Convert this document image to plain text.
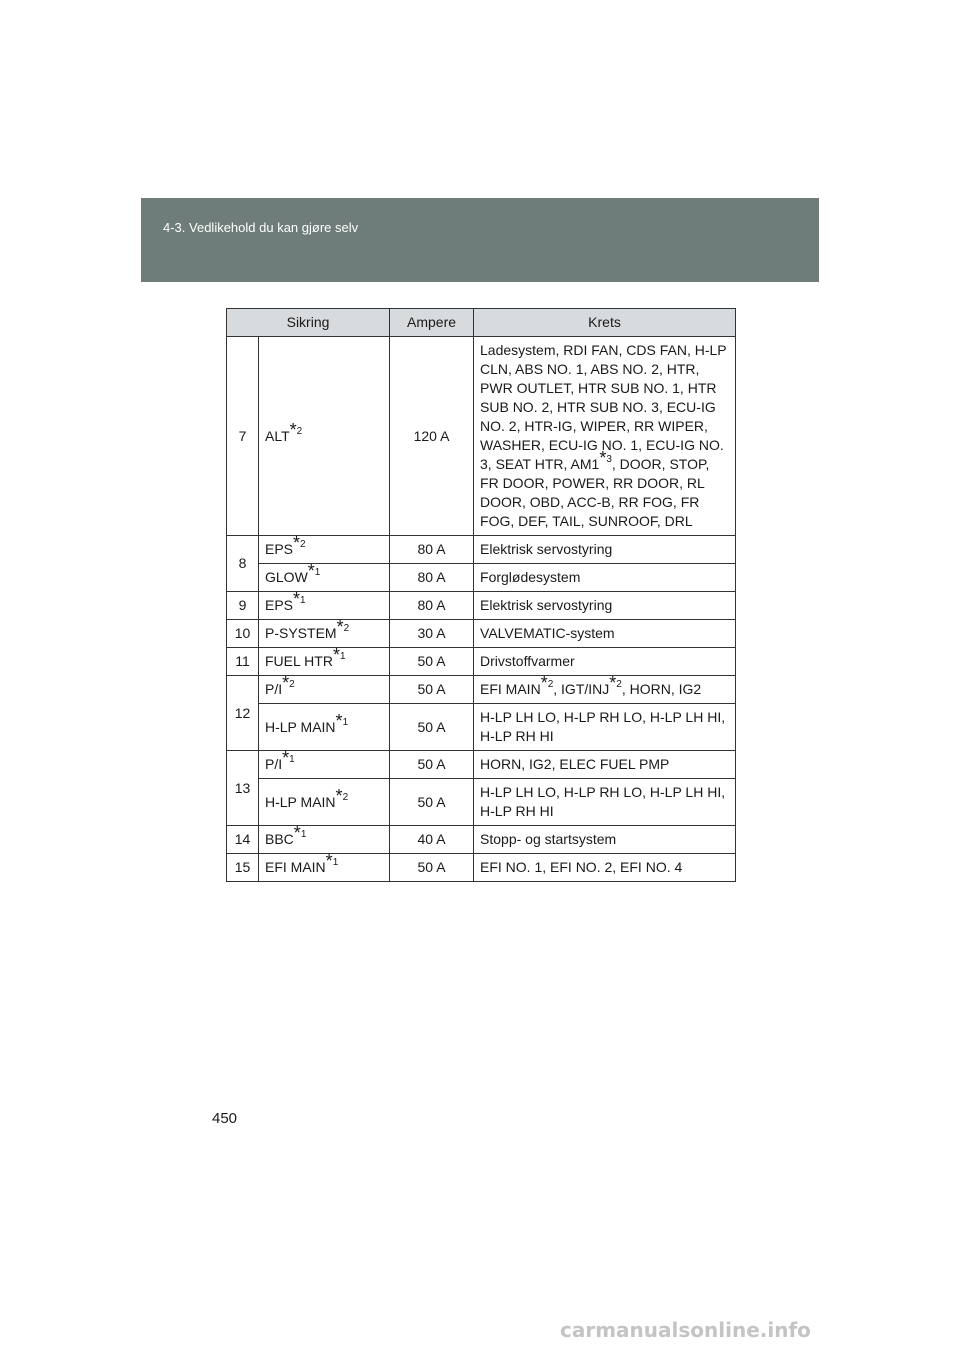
4-3. Vedlikehold du kan gjøre selv
Sikring		Ampere	Krets
7	ALT*$^2$	120 A	Ladesystem, RDI FAN, CDS FAN, H-LP CLN, ABS NO. 1, ABS NO. 2, HTR, PWR OUTLET, HTR SUB NO. 1, HTR SUB NO. 2, HTR SUB NO. 3, ECU-IG NO. 2, HTR-IG, WIPER, RR WIPER, WASHER, ECU-IG NO. 1, ECU-IG NO. 3, SEAT HTR, AM1*$^3$, DOOR, STOP, FR DOOR, POWER, RR DOOR, RL DOOR, OBD, ACC-B, RR FOG, FR FOG, DEF, TAIL, SUNROOF, DRL
8	EPS*$^2$	80 A	Elektrisk servostyring
	GLOW*$^1$	80 A	Forglødesystem
9	EPS*$^1$	80 A	Elektrisk servostyring
10	P-SYSTEM*$^2$	30 A	VALVEMATIC-system
11	FUEL HTR*$^1$	50 A	Drivstoffvarmer
12	P/I*$^2$	50 A	EFI MAIN*$^2$, IGT/INJ*$^2$, HORN, IG2
	H-LP MAIN*$^1$	50 A	H-LP LH LO, H-LP RH LO, H-LP LH HI, H-LP RH HI
13	P/I*$^1$	50 A	HORN, IG2, ELEC FUEL PMP
	H-LP MAIN*$^2$	50 A	H-LP LH LO, H-LP RH LO, H-LP LH HI, H-LP RH HI
14	BBC*$^1$	40 A	Stopp- og startsystem
15	EFI MAIN*$^1$	50 A	EFI NO. 1, EFI NO. 2, EFI NO. 4
450
carmanualsonline.info
